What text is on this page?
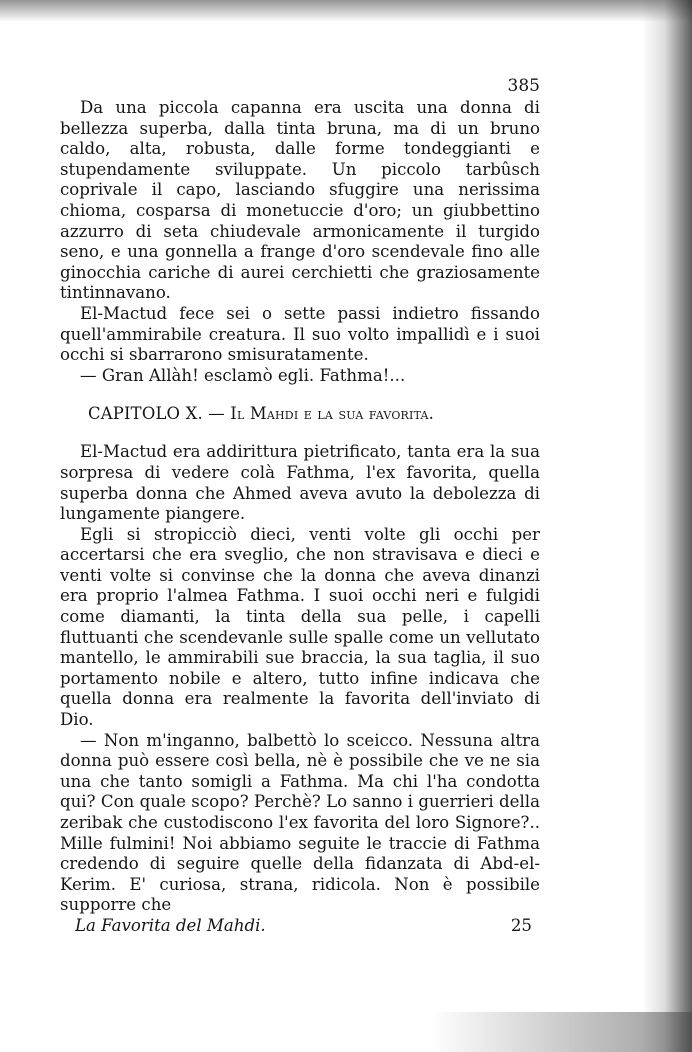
385

Da una piccola capanna era uscita una donna di bellezza superba, dalla tinta bruna, ma di un bruno caldo, alta, robusta, dalle forme tondeggianti e stupendamente sviluppate. Un piccolo tarbûsch coprivale il capo, lasciando sfuggire una nerissima chioma, cosparsa di monetuccie d'oro; un giubbettino azzurro di seta chiudevale armonicamente il turgido seno, e una gonnella a frange d'oro scendevale fino alle ginocchia cariche di aurei cerchietti che graziosamente tintinnavano.

El-Mactud fece sei o sette passi indietro fissando quell'ammirabile creatura. Il suo volto impallidì e i suoi occhi si sbarrarono smisuratamente.

— Gran Allàh! esclamò egli. Fathma!...

CAPITOLO X. — Il Mahdi e la sua favorita.

El-Mactud era addirittura pietrificato, tanta era la sua sorpresa di vedere colà Fathma, l'ex favorita, quella superba donna che Ahmed aveva avuto la debolezza di lungamente piangere.

Egli si stropicciò dieci, venti volte gli occhi per accertarsi che era sveglio, che non stravisava e dieci e venti volte si convinse che la donna che aveva dinanzi era proprio l'almea Fathma. I suoi occhi neri e fulgidi come diamanti, la tinta della sua pelle, i capelli fluttuanti che scendevanle sulle spalle come un vellutato mantello, le ammirabili sue braccia, la sua taglia, il suo portamento nobile e altero, tutto infine indicava che quella donna era realmente la favorita dell'inviato di Dio.

— Non m'inganno, balbettò lo sceicco. Nessuna altra donna può essere così bella, nè è possibile che ve ne sia una che tanto somigli a Fathma. Ma chi l'ha condotta qui? Con quale scopo? Perchè? Lo sanno i guerrieri della zeribak che custodiscono l'ex favorita del loro Signore?.. Mille fulmini! Noi abbiamo seguite le traccie di Fathma credendo di seguire quelle della fidanzata di Abd-el-Kerim. E' curiosa, strana, ridicola. Non è possibile supporre che

La Favorita del Mahdi.	25
